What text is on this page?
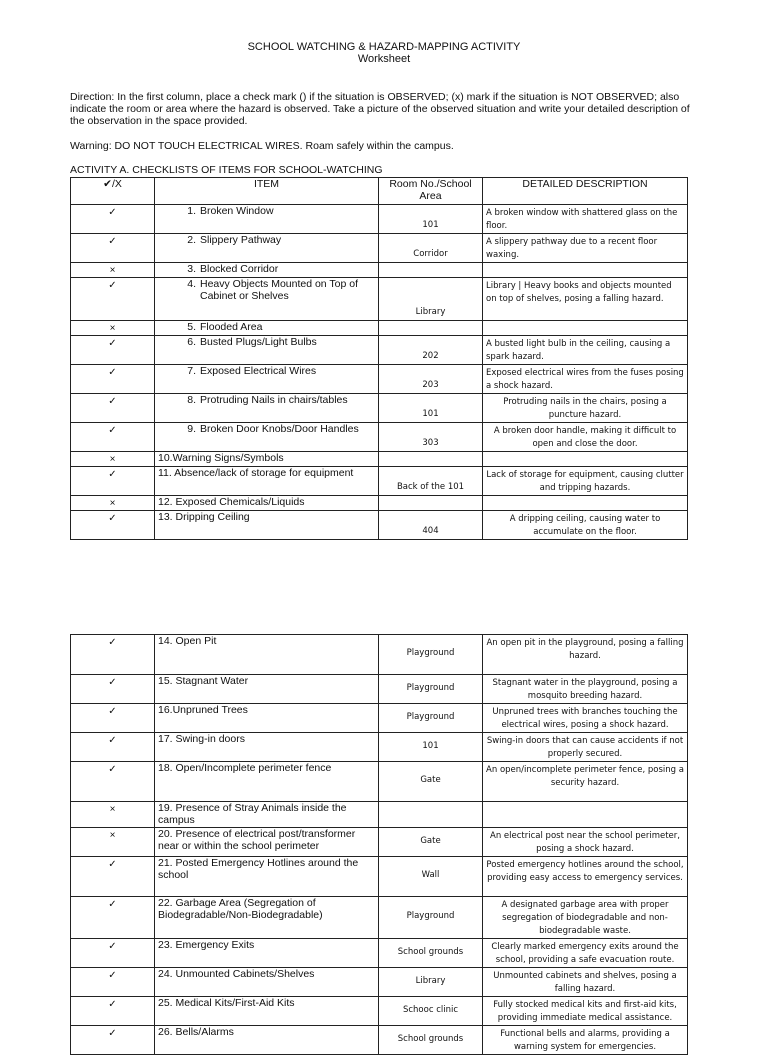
SCHOOL WATCHING & HAZARD-MAPPING ACTIVITY
Worksheet
Direction: In the first column, place a check mark () if the situation is OBSERVED; (x) mark if the situation is NOT OBSERVED; also indicate the room or area where the hazard is observed. Take a picture of the observed situation and write your detailed description of the observation in the space provided.
Warning: DO NOT TOUCH ELECTRICAL WIRES. Roam safely within the campus.
ACTIVITY A. CHECKLISTS OF ITEMS FOR SCHOOL-WATCHING
✔/X	ITEM	Room No./School Area	DETAILED DESCRIPTION
✓	1. Broken Window	101	A broken window with shattered glass on the floor.
✓	2. Slippery Pathway	Corridor	A slippery pathway due to a recent floor waxing.
×	3. Blocked Corridor		
✓	4. Heavy Objects Mounted on Top of
Cabinet or Shelves	Library	Library | Heavy books and objects mounted on top of shelves, posing a falling hazard.
×	5. Flooded Area		
✓	6. Busted Plugs/Light Bulbs	202	A busted light bulb in the ceiling, causing a spark hazard.
✓	7. Exposed Electrical Wires	203	Exposed electrical wires from the fuses posing a shock hazard.
✓	8. Protruding Nails in chairs/tables	101	Protruding nails in the chairs, posing a puncture hazard.
✓	9. Broken Door Knobs/Door Handles	303	A broken door handle, making it difficult to open and close the door.
×	10.Warning Signs/Symbols		
✓	11. Absence/lack of storage for equipment	Back of the 101	Lack of storage for equipment, causing clutter and tripping hazards.
×	12. Exposed Chemicals/Liquids		
✓	13. Dripping Ceiling	404	A dripping ceiling, causing water to accumulate on the floor.
✓	14. Open Pit	Playground	An open pit in the playground, posing a falling hazard.
✓	15. Stagnant Water	Playground	Stagnant water in the playground, posing a mosquito breeding hazard.
✓	16.Unpruned Trees	Playground	Unpruned trees with branches touching the electrical wires, posing a shock hazard.
✓	17. Swing-in doors	101	Swing-in doors that can cause accidents if not properly secured.
✓	18. Open/Incomplete perimeter fence	Gate	An open/incomplete perimeter fence, posing a security hazard.
×	19. Presence of Stray Animals inside the campus		
×	20. Presence of electrical post/transformer near or within the school perimeter	Gate	An electrical post near the school perimeter, posing a shock hazard.
✓	21. Posted Emergency Hotlines around the school	Wall	Posted emergency hotlines around the school, providing easy access to emergency services.
✓	22. Garbage Area (Segregation of Biodegradable/Non-Biodegradable)	Playground	A designated garbage area with proper segregation of biodegradable and non-biodegradable waste.
✓	23. Emergency Exits	School grounds	Clearly marked emergency exits around the school, providing a safe evacuation route.
✓	24. Unmounted Cabinets/Shelves	Library	Unmounted cabinets and shelves, posing a falling hazard.
✓	25. Medical Kits/First-Aid Kits	Schooc clinic	Fully stocked medical kits and first-aid kits, providing immediate medical assistance.
✓	26. Bells/Alarms	School grounds	Functional bells and alarms, providing a warning system for emergencies.
